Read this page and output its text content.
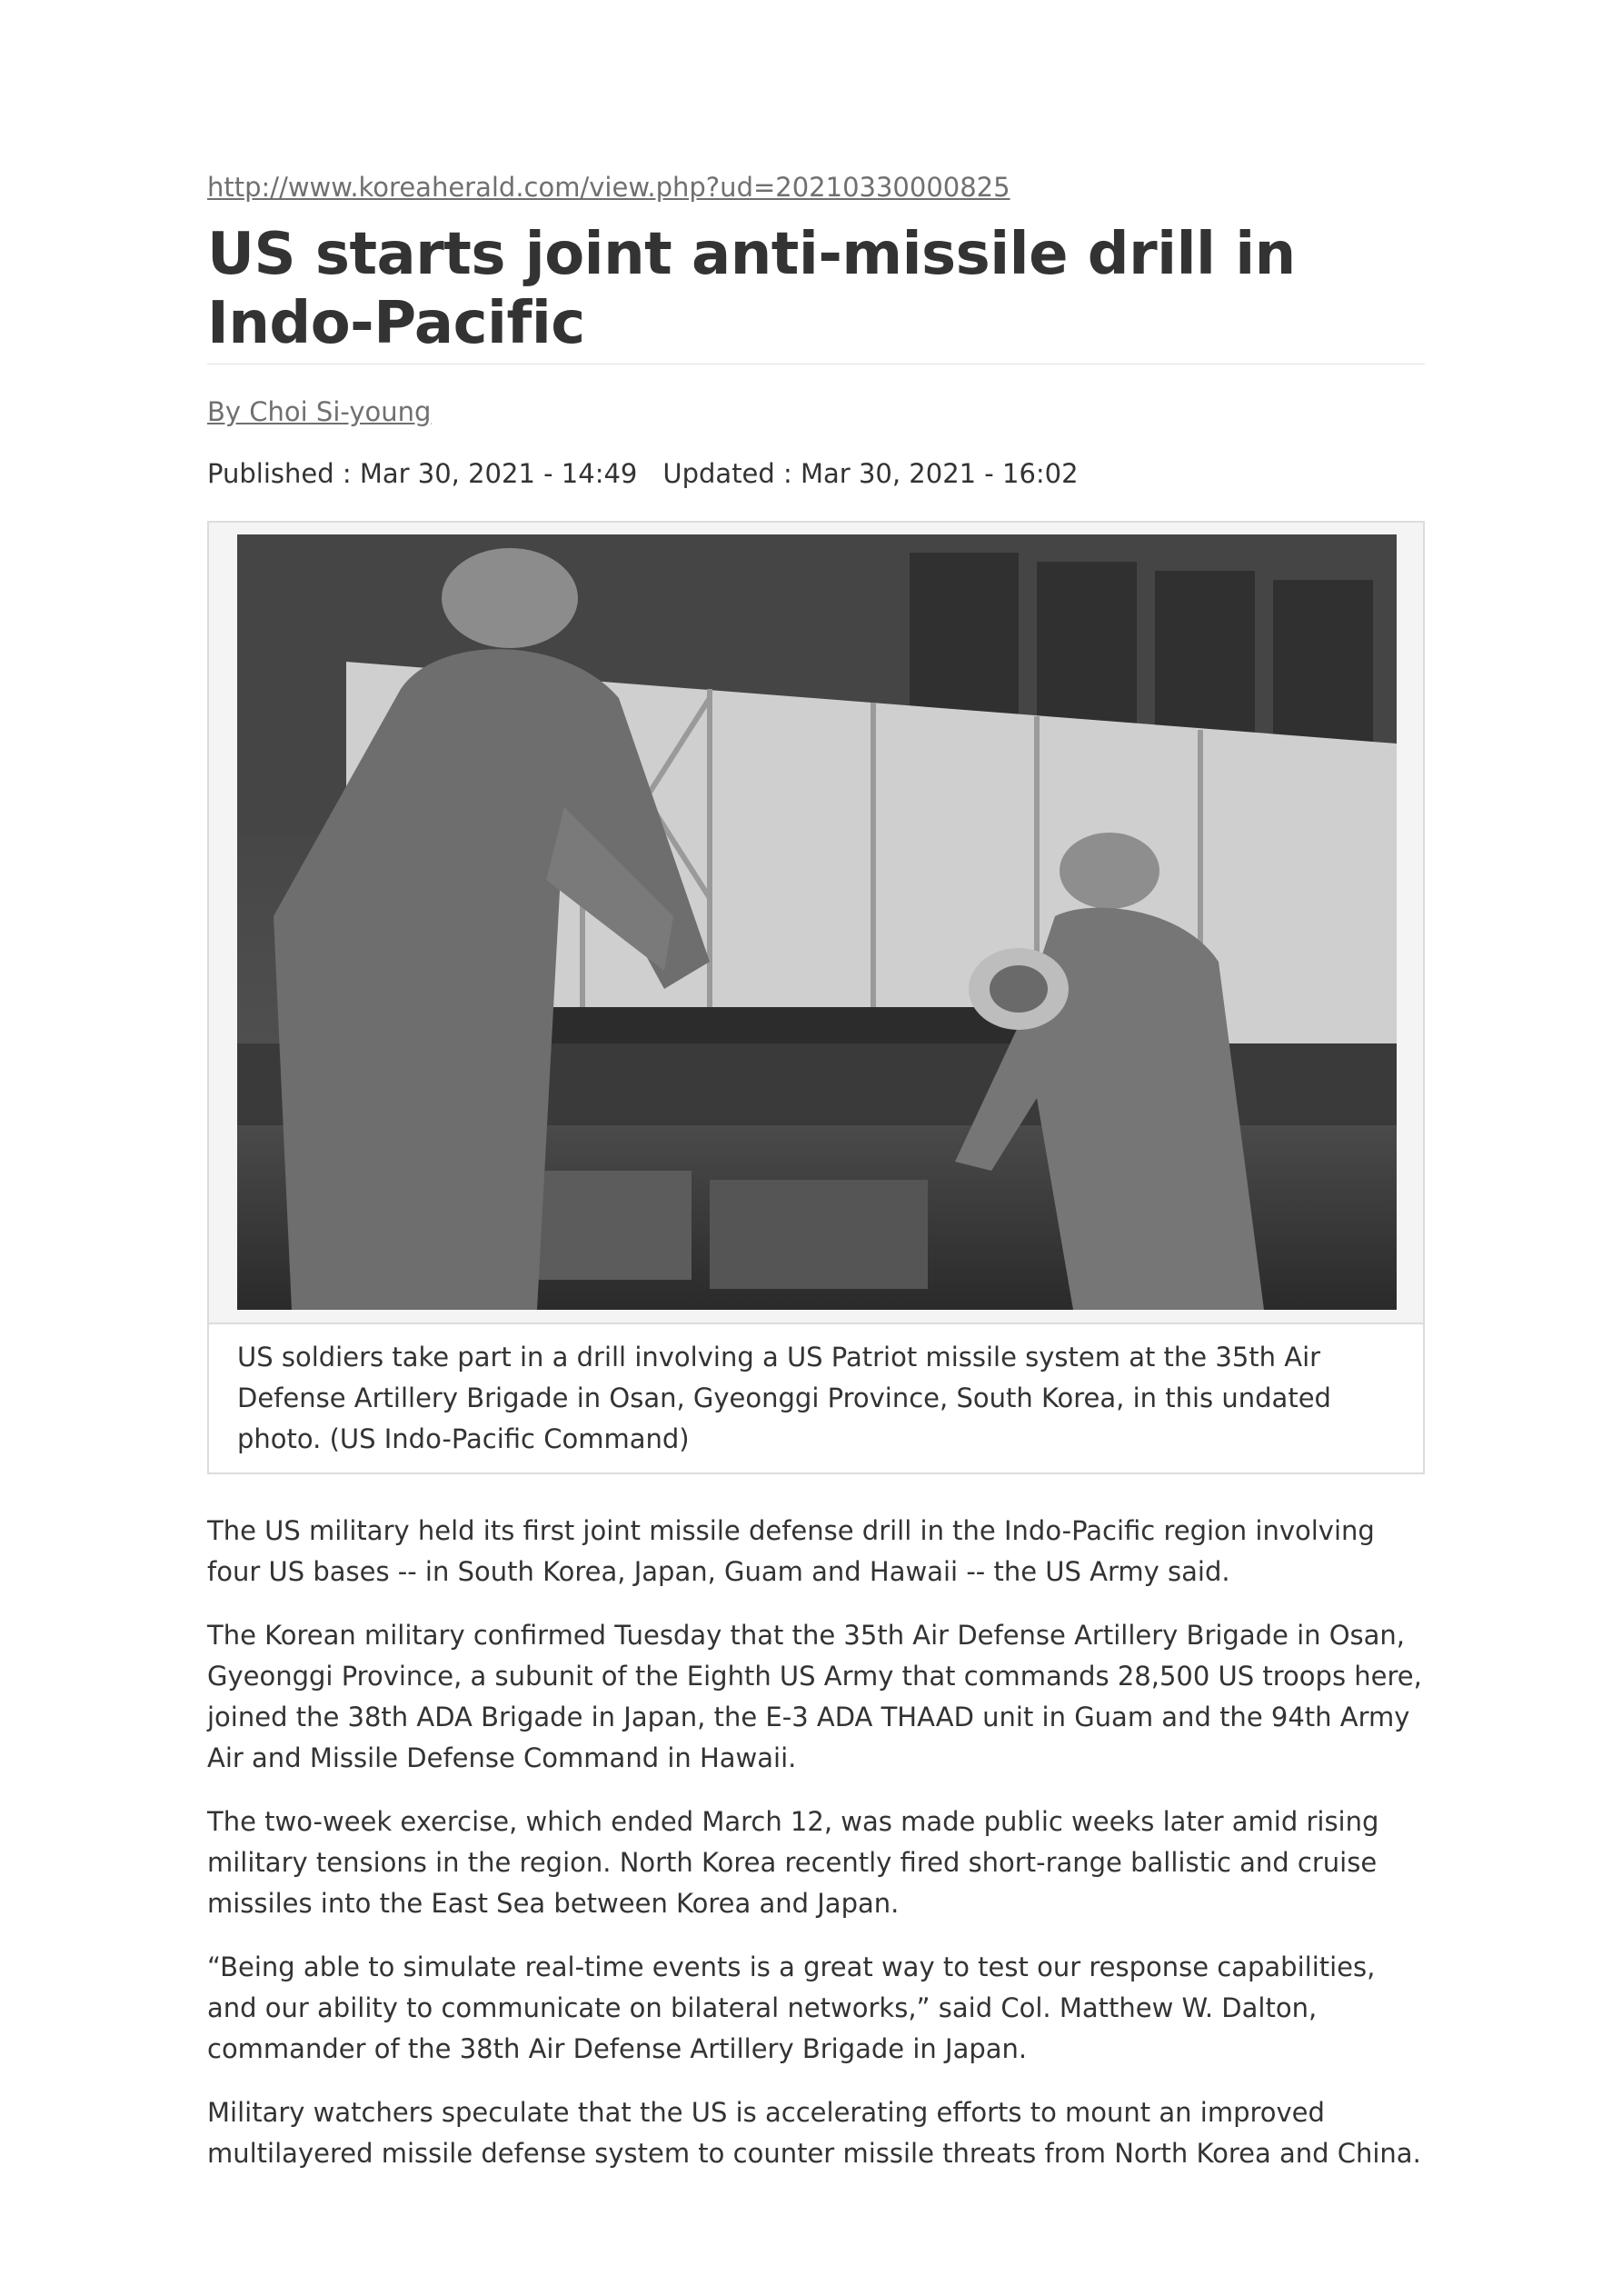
http://www.koreaherald.com/view.php?ud=20210330000825
US starts joint anti-missile drill in Indo-Pacific
By Choi Si-young
Published : Mar 30, 2021 - 14:49 Updated : Mar 30, 2021 - 16:02
US soldiers take part in a drill involving a US Patriot missile system at the 35th Air Defense Artillery Brigade in Osan, Gyeonggi Province, South Korea, in this undated photo. (US Indo-Pacific Command)

The US military held its first joint missile defense drill in the Indo-Pacific region involving four US bases -- in South Korea, Japan, Guam and Hawaii -- the US Army said.

The Korean military confirmed Tuesday that the 35th Air Defense Artillery Brigade in Osan, Gyeonggi Province, a subunit of the Eighth US Army that commands 28,500 US troops here, joined the 38th ADA Brigade in Japan, the E-3 ADA THAAD unit in Guam and the 94th Army Air and Missile Defense Command in Hawaii.

The two-week exercise, which ended March 12, was made public weeks later amid rising military tensions in the region. North Korea recently fired short-range ballistic and cruise missiles into the East Sea between Korea and Japan.

“Being able to simulate real-time events is a great way to test our response capabilities, and our ability to communicate on bilateral networks,” said Col. Matthew W. Dalton, commander of the 38th Air Defense Artillery Brigade in Japan.

Military watchers speculate that the US is accelerating efforts to mount an improved multilayered missile defense system to counter missile threats from North Korea and China.
